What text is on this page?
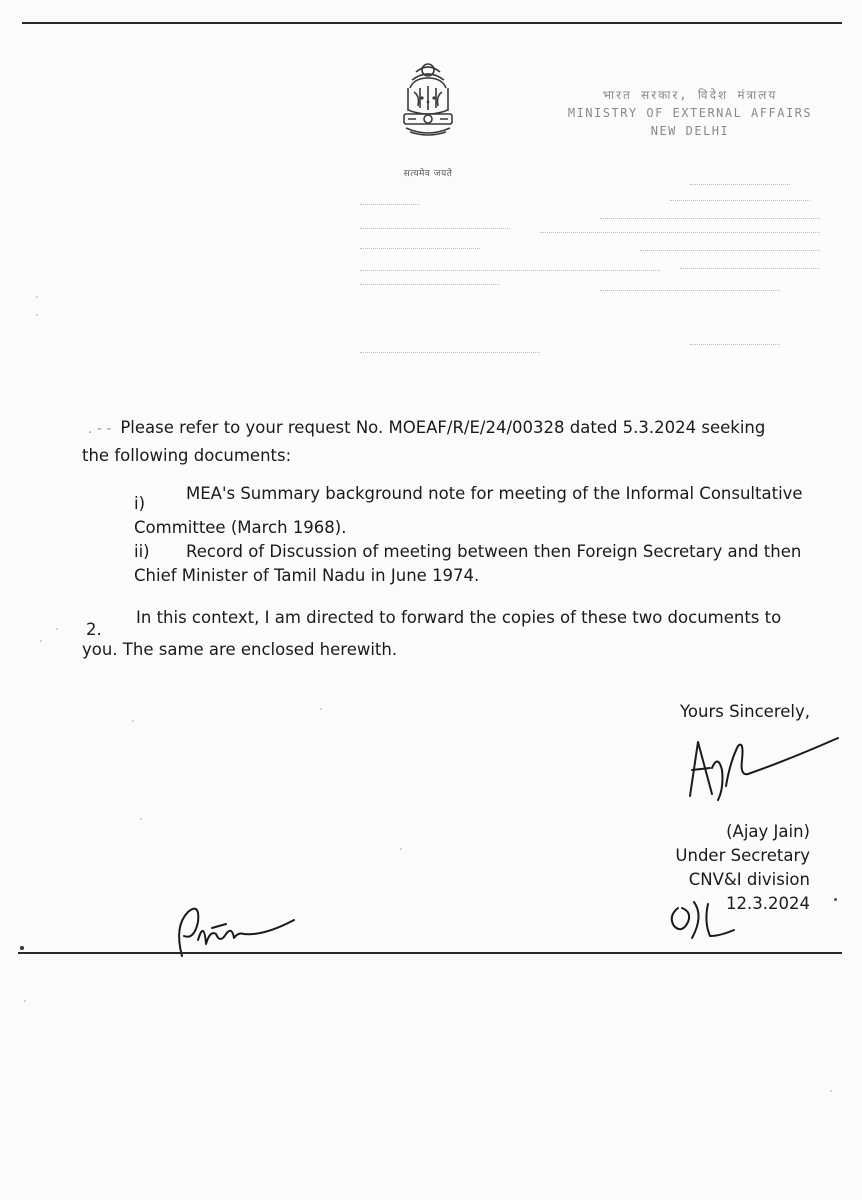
सत्यमेव जयते
भारत सरकार, विदेश मंत्रालय
MINISTRY OF EXTERNAL AFFAIRS
NEW DELHI
. - -  Please refer to your request No. MOEAF/R/E/24/00328 dated 5.3.2024 seeking
the following documents:
i)
MEA's Summary background note for meeting of the Informal Consultative
Committee (March 1968).
ii) Record of Discussion of meeting between then Foreign Secretary and then
Chief Minister of Tamil Nadu in June 1974.
2.
In this context, I am directed to forward the copies of these two documents to
you. The same are enclosed herewith.
Yours Sincerely,
(Ajay Jain)
Under Secretary
CNV&I division
12.3.2024
